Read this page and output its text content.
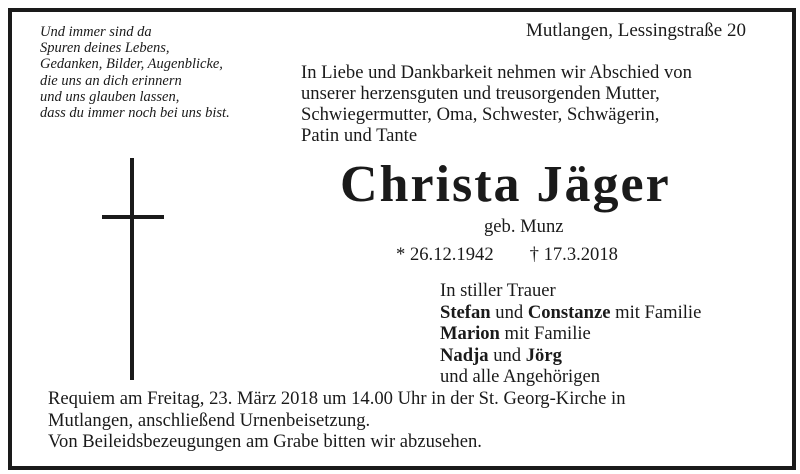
Und immer sind da
Spuren deines Lebens,
Gedanken, Bilder, Augenblicke,
die uns an dich erinnern
und uns glauben lassen,
dass du immer noch bei uns bist.
Mutlangen, Lessingstraße 20
In Liebe und Dankbarkeit nehmen wir Abschied von
unserer herzensguten und treusorgenden Mutter,
Schwiegermutter, Oma, Schwester, Schwägerin,
Patin und Tante
Christa Jäger
geb. Munz
* 26.12.1942 † 17.3.2018
In stiller Trauer
Stefan und Constanze mit Familie
Marion mit Familie
Nadja und Jörg
und alle Angehörigen
Requiem am Freitag, 23. März 2018 um 14.00 Uhr in der St. Georg-Kirche in
Mutlangen, anschließend Urnenbeisetzung.
Von Beileidsbezeugungen am Grabe bitten wir abzusehen.
